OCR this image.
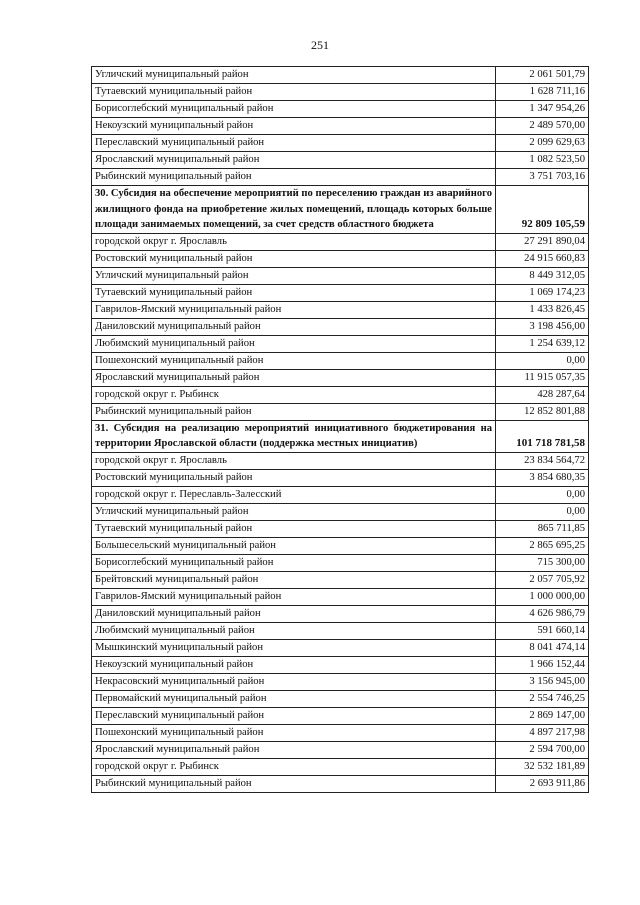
251
Угличский муниципальный район	2 061 501,79
Тутаевский муниципальный район	1 628 711,16
Борисоглебский муниципальный район	1 347 954,26
Некоузский муниципальный район	2 489 570,00
Переславский муниципальный район	2 099 629,63
Ярославский муниципальный район	1 082 523,50
Рыбинский муниципальный район	3 751 703,16
30. Субсидия на обеспечение мероприятий по переселению граждан из аварийного жилищного фонда на приобретение жилых помещений, площадь которых больше площади занимаемых помещений, за счет средств областного бюджета	92 809 105,59
городской округ г. Ярославль	27 291 890,04
Ростовский муниципальный район	24 915 660,83
Угличский муниципальный район	8 449 312,05
Тутаевский муниципальный район	1 069 174,23
Гаврилов-Ямский муниципальный район	1 433 826,45
Даниловский муниципальный район	3 198 456,00
Любимский муниципальный район	1 254 639,12
Пошехонский муниципальный район	0,00
Ярославский муниципальный район	11 915 057,35
городской округ г. Рыбинск	428 287,64
Рыбинский муниципальный район	12 852 801,88
31. Субсидия на реализацию мероприятий инициативного бюджетирования на территории Ярославской области (поддержка местных инициатив)	101 718 781,58
городской округ г. Ярославль	23 834 564,72
Ростовский муниципальный район	3 854 680,35
городской округ г. Переславль-Залесский	0,00
Угличский муниципальный район	0,00
Тутаевский муниципальный район	865 711,85
Большесельский муниципальный район	2 865 695,25
Борисоглебский муниципальный район	715 300,00
Брейтовский муниципальный район	2 057 705,92
Гаврилов-Ямский муниципальный район	1 000 000,00
Даниловский муниципальный район	4 626 986,79
Любимский муниципальный район	591 660,14
Мышкинский муниципальный район	8 041 474,14
Некоузский муниципальный район	1 966 152,44
Некрасовский муниципальный район	3 156 945,00
Первомайский муниципальный район	2 554 746,25
Переславский муниципальный район	2 869 147,00
Пошехонский муниципальный район	4 897 217,98
Ярославский муниципальный район	2 594 700,00
городской округ г. Рыбинск	32 532 181,89
Рыбинский муниципальный район	2 693 911,86
